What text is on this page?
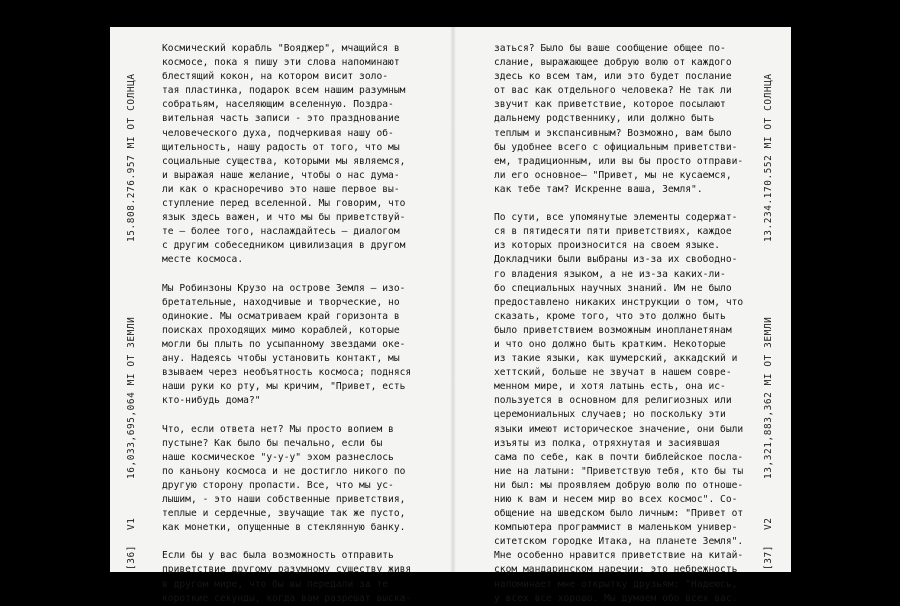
[36]
V1
16,033,695,064 MI ОТ ЗЕМЛИ
15.808.276.957 MI ОТ СОЛНЦА
Космический корабль "Вояджер", мчащийся в
космосе, пока я пишу эти слова напоминают
блестящий кокон, на котором висит золо-
тая пластинка, подарок всем нашим разумным
собратьям, населяющим вселенную. Поздра-
вительная часть записи - это празднование
человеческого духа, подчеркивая нашу об-
щительность, нашу радость от того, что мы
социальные существа, которыми мы являемся,
и выражая наше желание, чтобы о нас дума-
ли как о красноречиво это наше первое вы-
ступление перед вселенной. Мы говорим, что
язык здесь важен, и что мы бы приветствуй-
те – более того, наслаждайтесь – диалогом
с другим собеседником цивилизация в другом
месте космоса.
Мы Робинзоны Крузо на острове Земля – изо-
бретательные, находчивые и творческие, но
одинокие. Мы осматриваем край горизонта в
поисках проходящих мимо кораблей, которые
могли бы плыть по усыпанному звездами оке-
ану. Надеясь чтобы установить контакт, мы
взываем через необъятность космоса; подняся
наши руки ко рту, мы кричим, "Привет, есть
кто-нибудь дома?"
Что, если ответа нет? Мы просто вопием в
пустыне? Как было бы печально, если бы
наше космическое "у-у-у" эхом разнеслось
по каньону космоса и не достигло никого по
другую сторону пропасти. Все, что мы ус-
лышим, - это наши собственные приветствия,
теплые и сердечные, звучащие так же пусто,
как монетки, опущенные в стеклянную банку.
Если бы у вас была возможность отправить
приветствие другому разумному существу живя
в другом мире, что бы вы передали за те
короткие секунды, когда вам разрешат выска-
заться? Было бы ваше сообщение общее по-
слание, выражающее добрую волю от каждого
здесь ко всем там, или это будет послание
от вас как отдельного человека? Не так ли
звучит как приветствие, которое посылают
дальнему родственнику, или должно быть
теплым и экспансивным? Возможно, вам было
бы удобнее всего с официальным приветстви-
ем, традиционным, или вы бы просто отправи-
ли его основное– "Привет, мы не кусаемся,
как тебе там? Искренне ваша, Земля".
По сути, все упомянутые элементы содержат-
ся в пятидесяти пяти приветствиях, каждое
из которых произносится на своем языке.
Докладчики были выбраны из-за их свободно-
го владения языком, а не из-за каких-ли-
бо специальных научных знаний. Им не было
предоставлено никаких инструкции о том, что
сказать, кроме того, что это должно быть
было приветствием возможным инопланетянам
и что оно должно быть кратким. Некоторые
из такие языки, как шумерский, аккадский и
хеттский, больше не звучат в нашем совре-
менном мире, и хотя латынь есть, она ис-
пользуется в основном для религиозных или
церемониальных случаев; но поскольку эти
языки имеют историческое значение, они были
изъяты из полка, отряхнутая и засиявшая
сама по себе, как в почти библейское посла-
ние на латыни: "Приветствую тебя, кто бы ты
ни был: мы проявляем добрую волю по отноше-
нию к вам и несем мир во всех космос". Со-
общение на шведском было личным: "Привет от
компьютера программист в маленьком универ-
ситетском городке Итака, на планете Земля".
Мне особенно нравится приветствие на китай-
ском мандаринском наречии; это небрежность
напоминает мне открытку друзьям: "Надеюсь,
у всех все хорошо. Мы думаем обо всех вас.
[37]
V2
13,321,883,362 MI ОТ ЗЕМЛИ
13.234.170.552 MI ОТ СОЛНЦА
